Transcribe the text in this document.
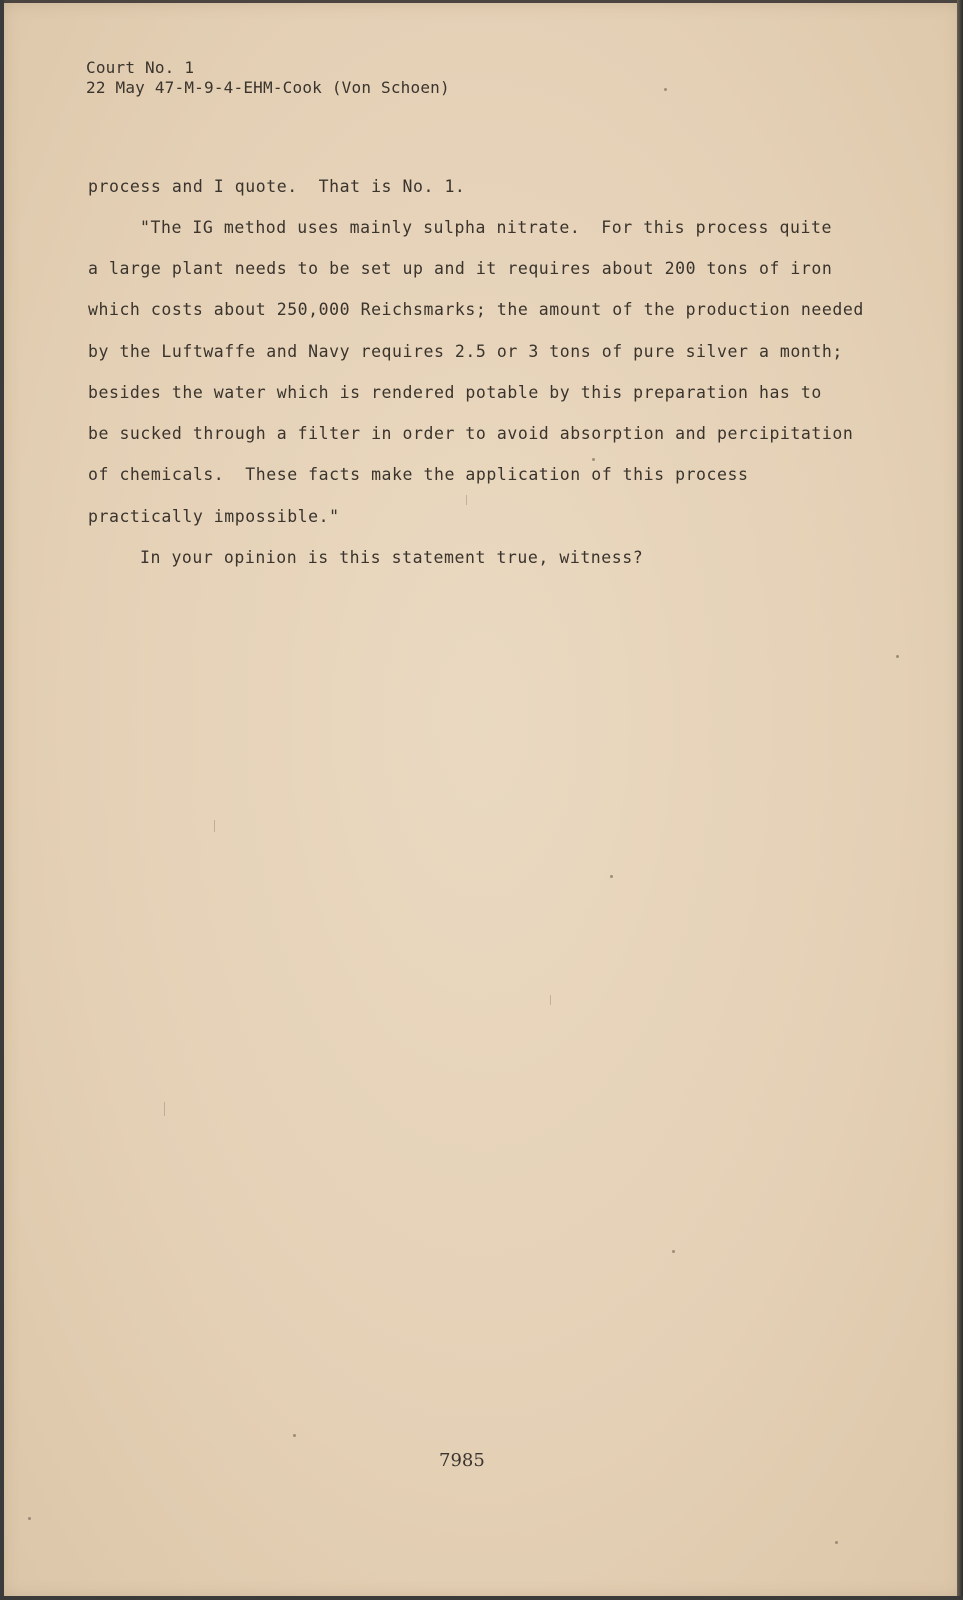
Court No. 1
22 May 47-M-9-4-EHM-Cook (Von Schoen)
process and I quote.  That is No. 1.
"The IG method uses mainly sulpha nitrate.  For this process quite
a large plant needs to be set up and it requires about 200 tons of iron
which costs about 250,000 Reichsmarks; the amount of the production needed
by the Luftwaffe and Navy requires 2.5 or 3 tons of pure silver a month;
besides the water which is rendered potable by this preparation has to
be sucked through a filter in order to avoid absorption and percipitation
of chemicals.  These facts make the application of this process
practically impossible."
In your opinion is this statement true, witness?
7985
